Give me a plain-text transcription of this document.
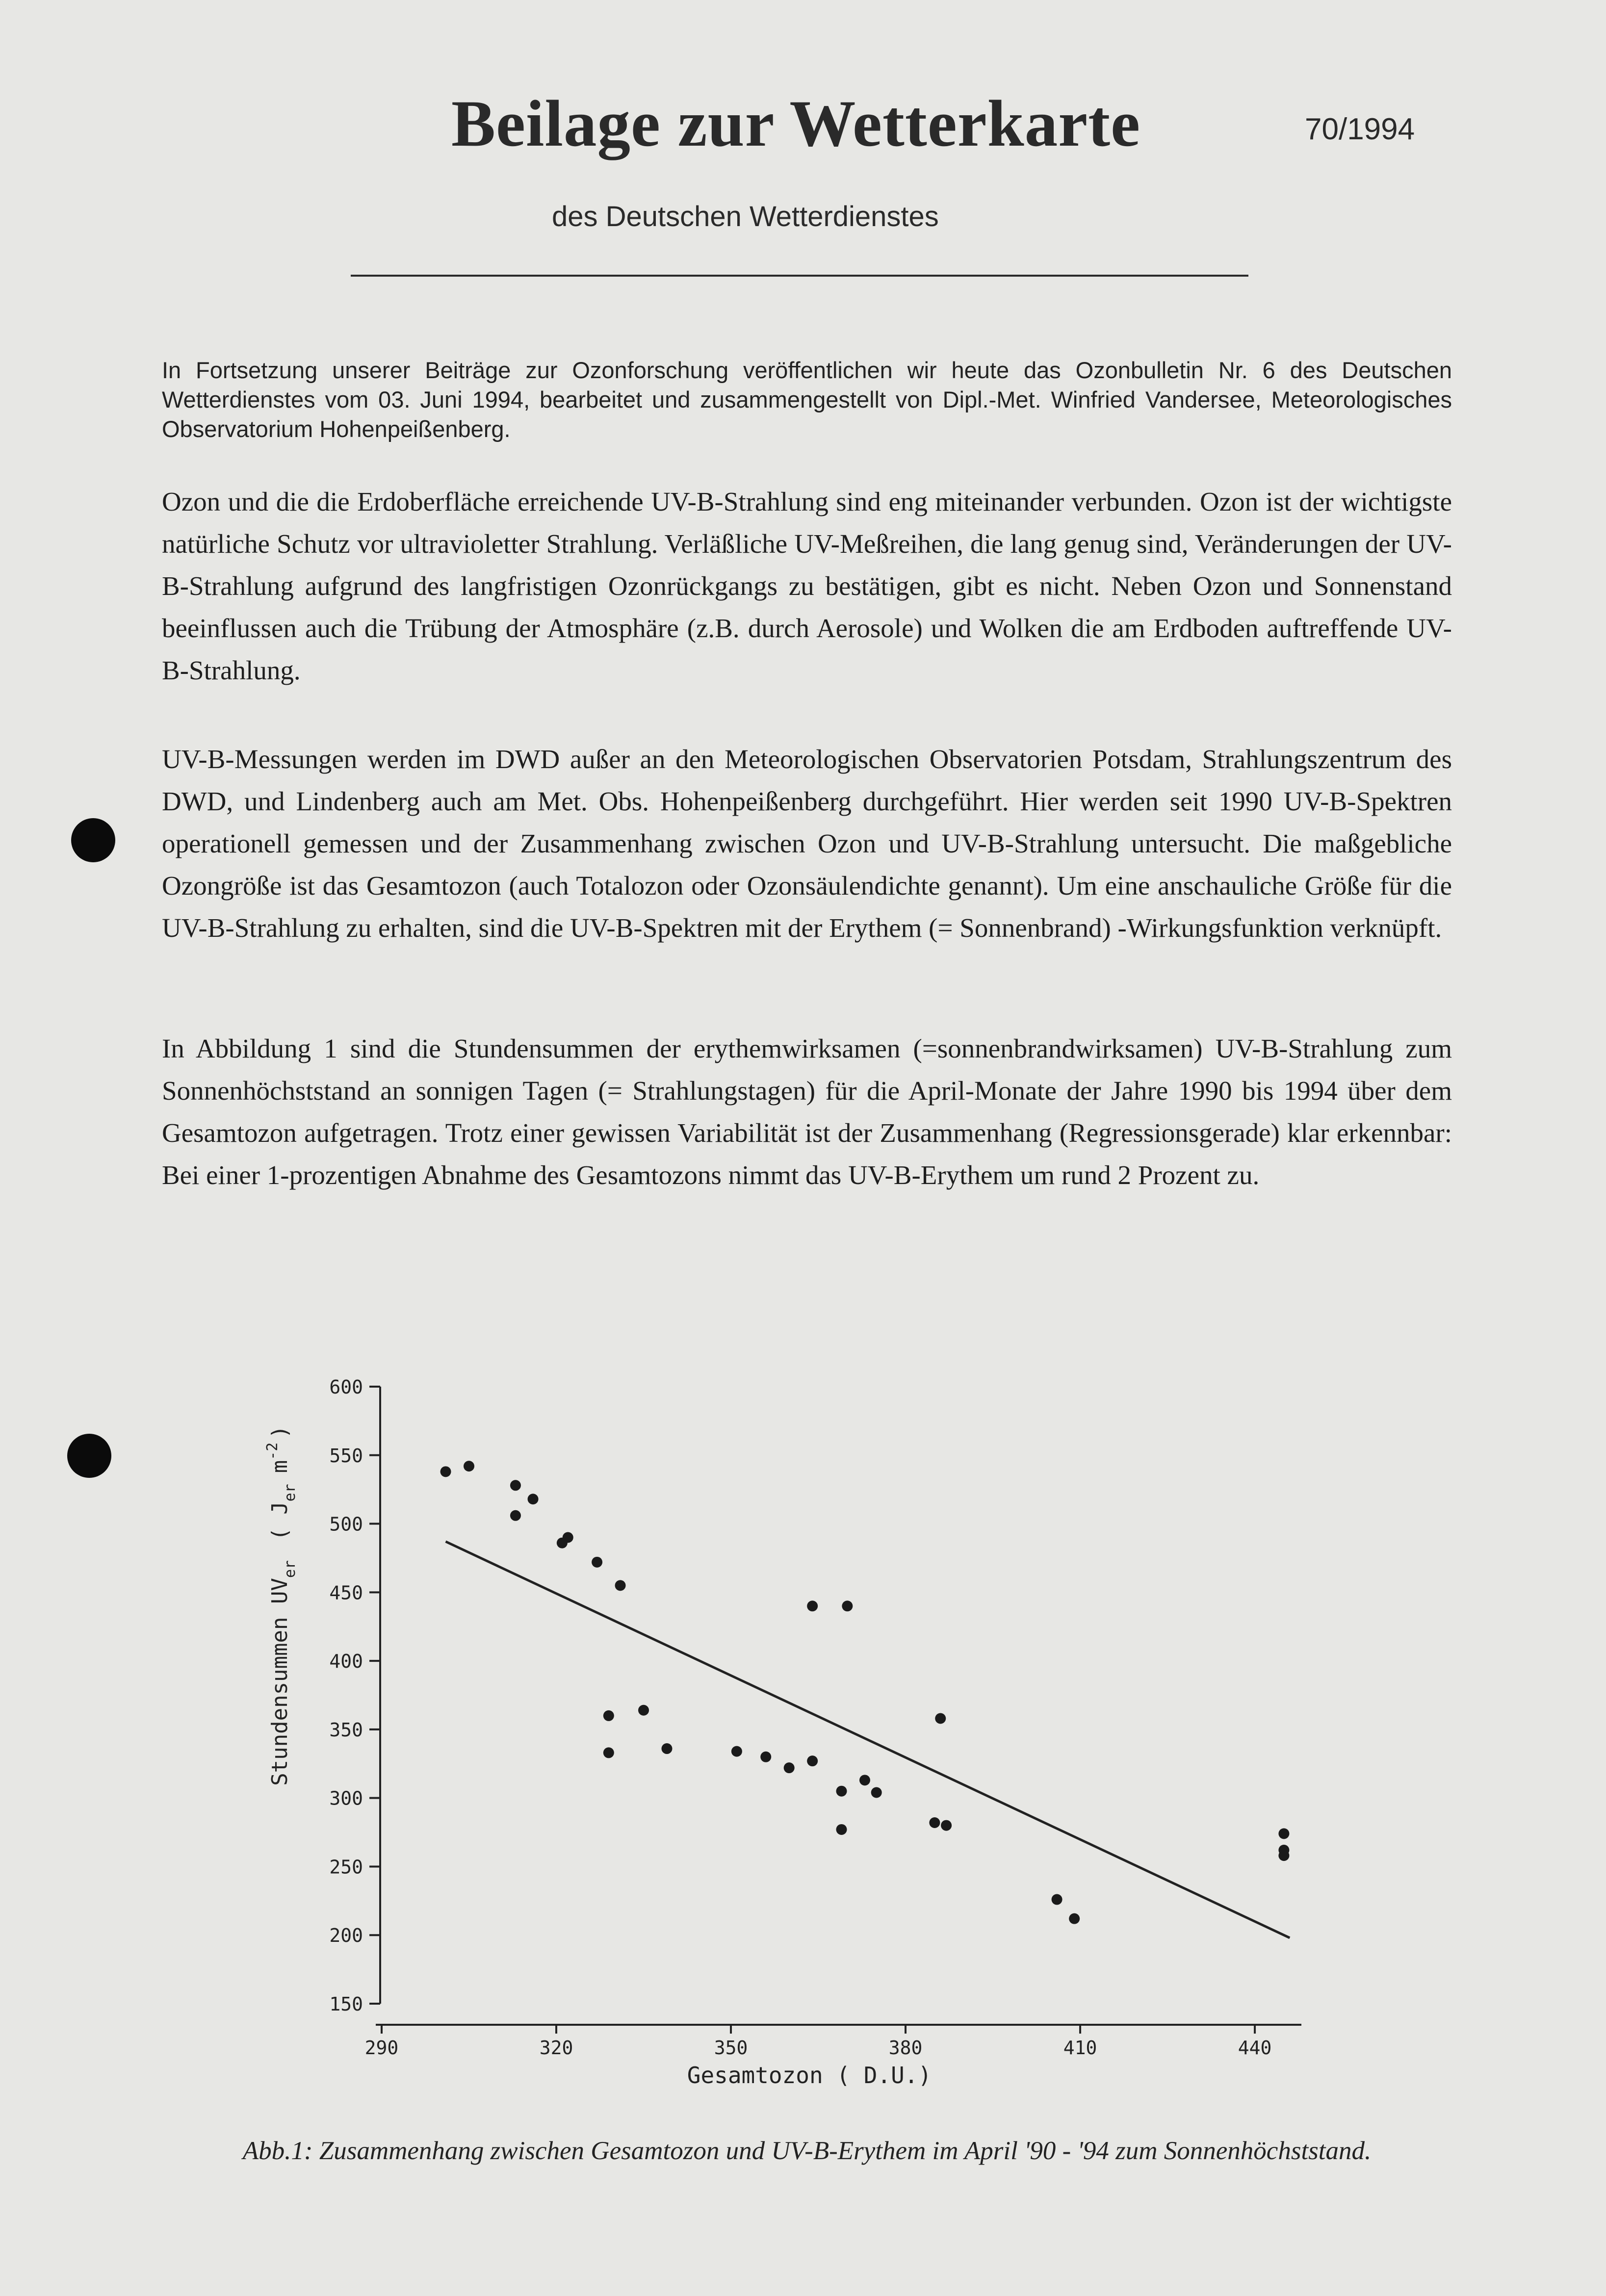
Beilage zur Wetterkarte	70/1994
des Deutschen Wetterdienstes
In Fortsetzung unserer Beiträge zur Ozonforschung veröffentlichen wir heute das Ozonbulletin Nr. 6 des Deutschen Wetterdienstes vom 03. Juni 1994, bearbeitet und zusammengestellt von Dipl.-Met. Winfried Vandersee, Meteorologisches Observatorium Hohenpeißenberg.
Ozon und die die Erdoberfläche erreichende UV-B-Strahlung sind eng miteinander verbunden. Ozon ist der wichtigste natürliche Schutz vor ultravioletter Strahlung. Verläßliche UV-Meßreihen, die lang genug sind, Veränderungen der UV-B-Strahlung aufgrund des langfristigen Ozonrückgangs zu bestätigen, gibt es nicht. Neben Ozon und Sonnenstand beeinflussen auch die Trübung der Atmosphäre (z.B. durch Aerosole) und Wolken die am Erdboden auftreffende UV-B-Strahlung.
UV-B-Messungen werden im DWD außer an den Meteorologischen Observatorien Potsdam, Strahlungszentrum des DWD, und Lindenberg auch am Met. Obs. Hohenpeißenberg durchgeführt. Hier werden seit 1990 UV-B-Spektren operationell gemessen und der Zusammenhang zwischen Ozon und UV-B-Strahlung untersucht. Die maßgebliche Ozongröße ist das Gesamtozon (auch Totalozon oder Ozonsäulendichte genannt). Um eine anschauliche Größe für die UV-B-Strahlung zu erhalten, sind die UV-B-Spektren mit der Erythem (= Sonnenbrand) -Wirkungsfunktion verknüpft.
In Abbildung 1 sind die Stundensummen der erythemwirksamen (=sonnenbrandwirksamen) UV-B-Strahlung zum Sonnenhöchststand an sonnigen Tagen (= Strahlungstagen) für die April-Monate der Jahre 1990 bis 1994 über dem Gesamtozon aufgetragen. Trotz einer gewissen Variabilität ist der Zusammenhang (Regressionsgerade) klar erkennbar: Bei einer 1-prozentigen Abnahme des Gesamtozons nimmt das UV-B-Erythem um rund 2 Prozent zu.
150
200
250
300
350
400
450
500
550
600
290	320	350	380	410	440
Gesamtozon ( D.U.)
Stundensummen $UV_{er}$( $J_{er}m^{-2}$)
Abb.1: Zusammenhang zwischen Gesamtozon und UV-B-Erythem im April '90 - '94 zum Sonnenhöchststand.
